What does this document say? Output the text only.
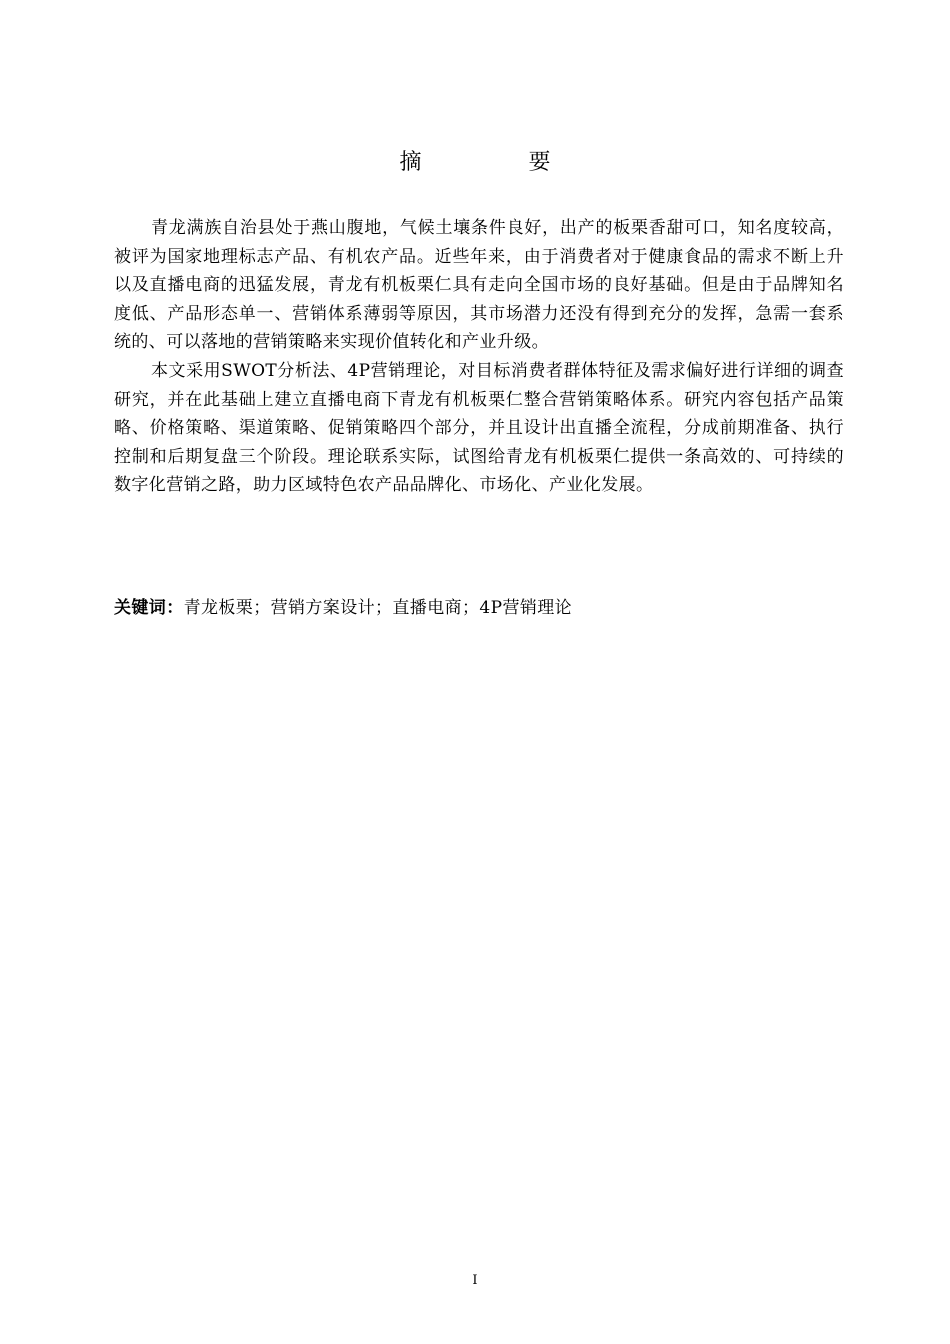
摘 要

青龙满族自治县处于燕山腹地，气候土壤条件良好，出产的板栗香甜可口，知名度较高，被评为国家地理标志产品、有机农产品。近些年来，由于消费者对于健康食品的需求不断上升以及直播电商的迅猛发展，青龙有机板栗仁具有走向全国市场的良好基础。但是由于品牌知名度低、产品形态单一、营销体系薄弱等原因，其市场潜力还没有得到充分的发挥，急需一套系统的、可以落地的营销策略来实现价值转化和产业升级。

本文采用SWOT分析法、4P营销理论，对目标消费者群体特征及需求偏好进行详细的调查研究，并在此基础上建立直播电商下青龙有机板栗仁整合营销策略体系。研究内容包括产品策略、价格策略、渠道策略、促销策略四个部分，并且设计出直播全流程，分成前期准备、执行控制和后期复盘三个阶段。理论联系实际，试图给青龙有机板栗仁提供一条高效的、可持续的数字化营销之路，助力区域特色农产品品牌化、市场化、产业化发展。

关键词：青龙板栗；营销方案设计；直播电商；4P营销理论
I
